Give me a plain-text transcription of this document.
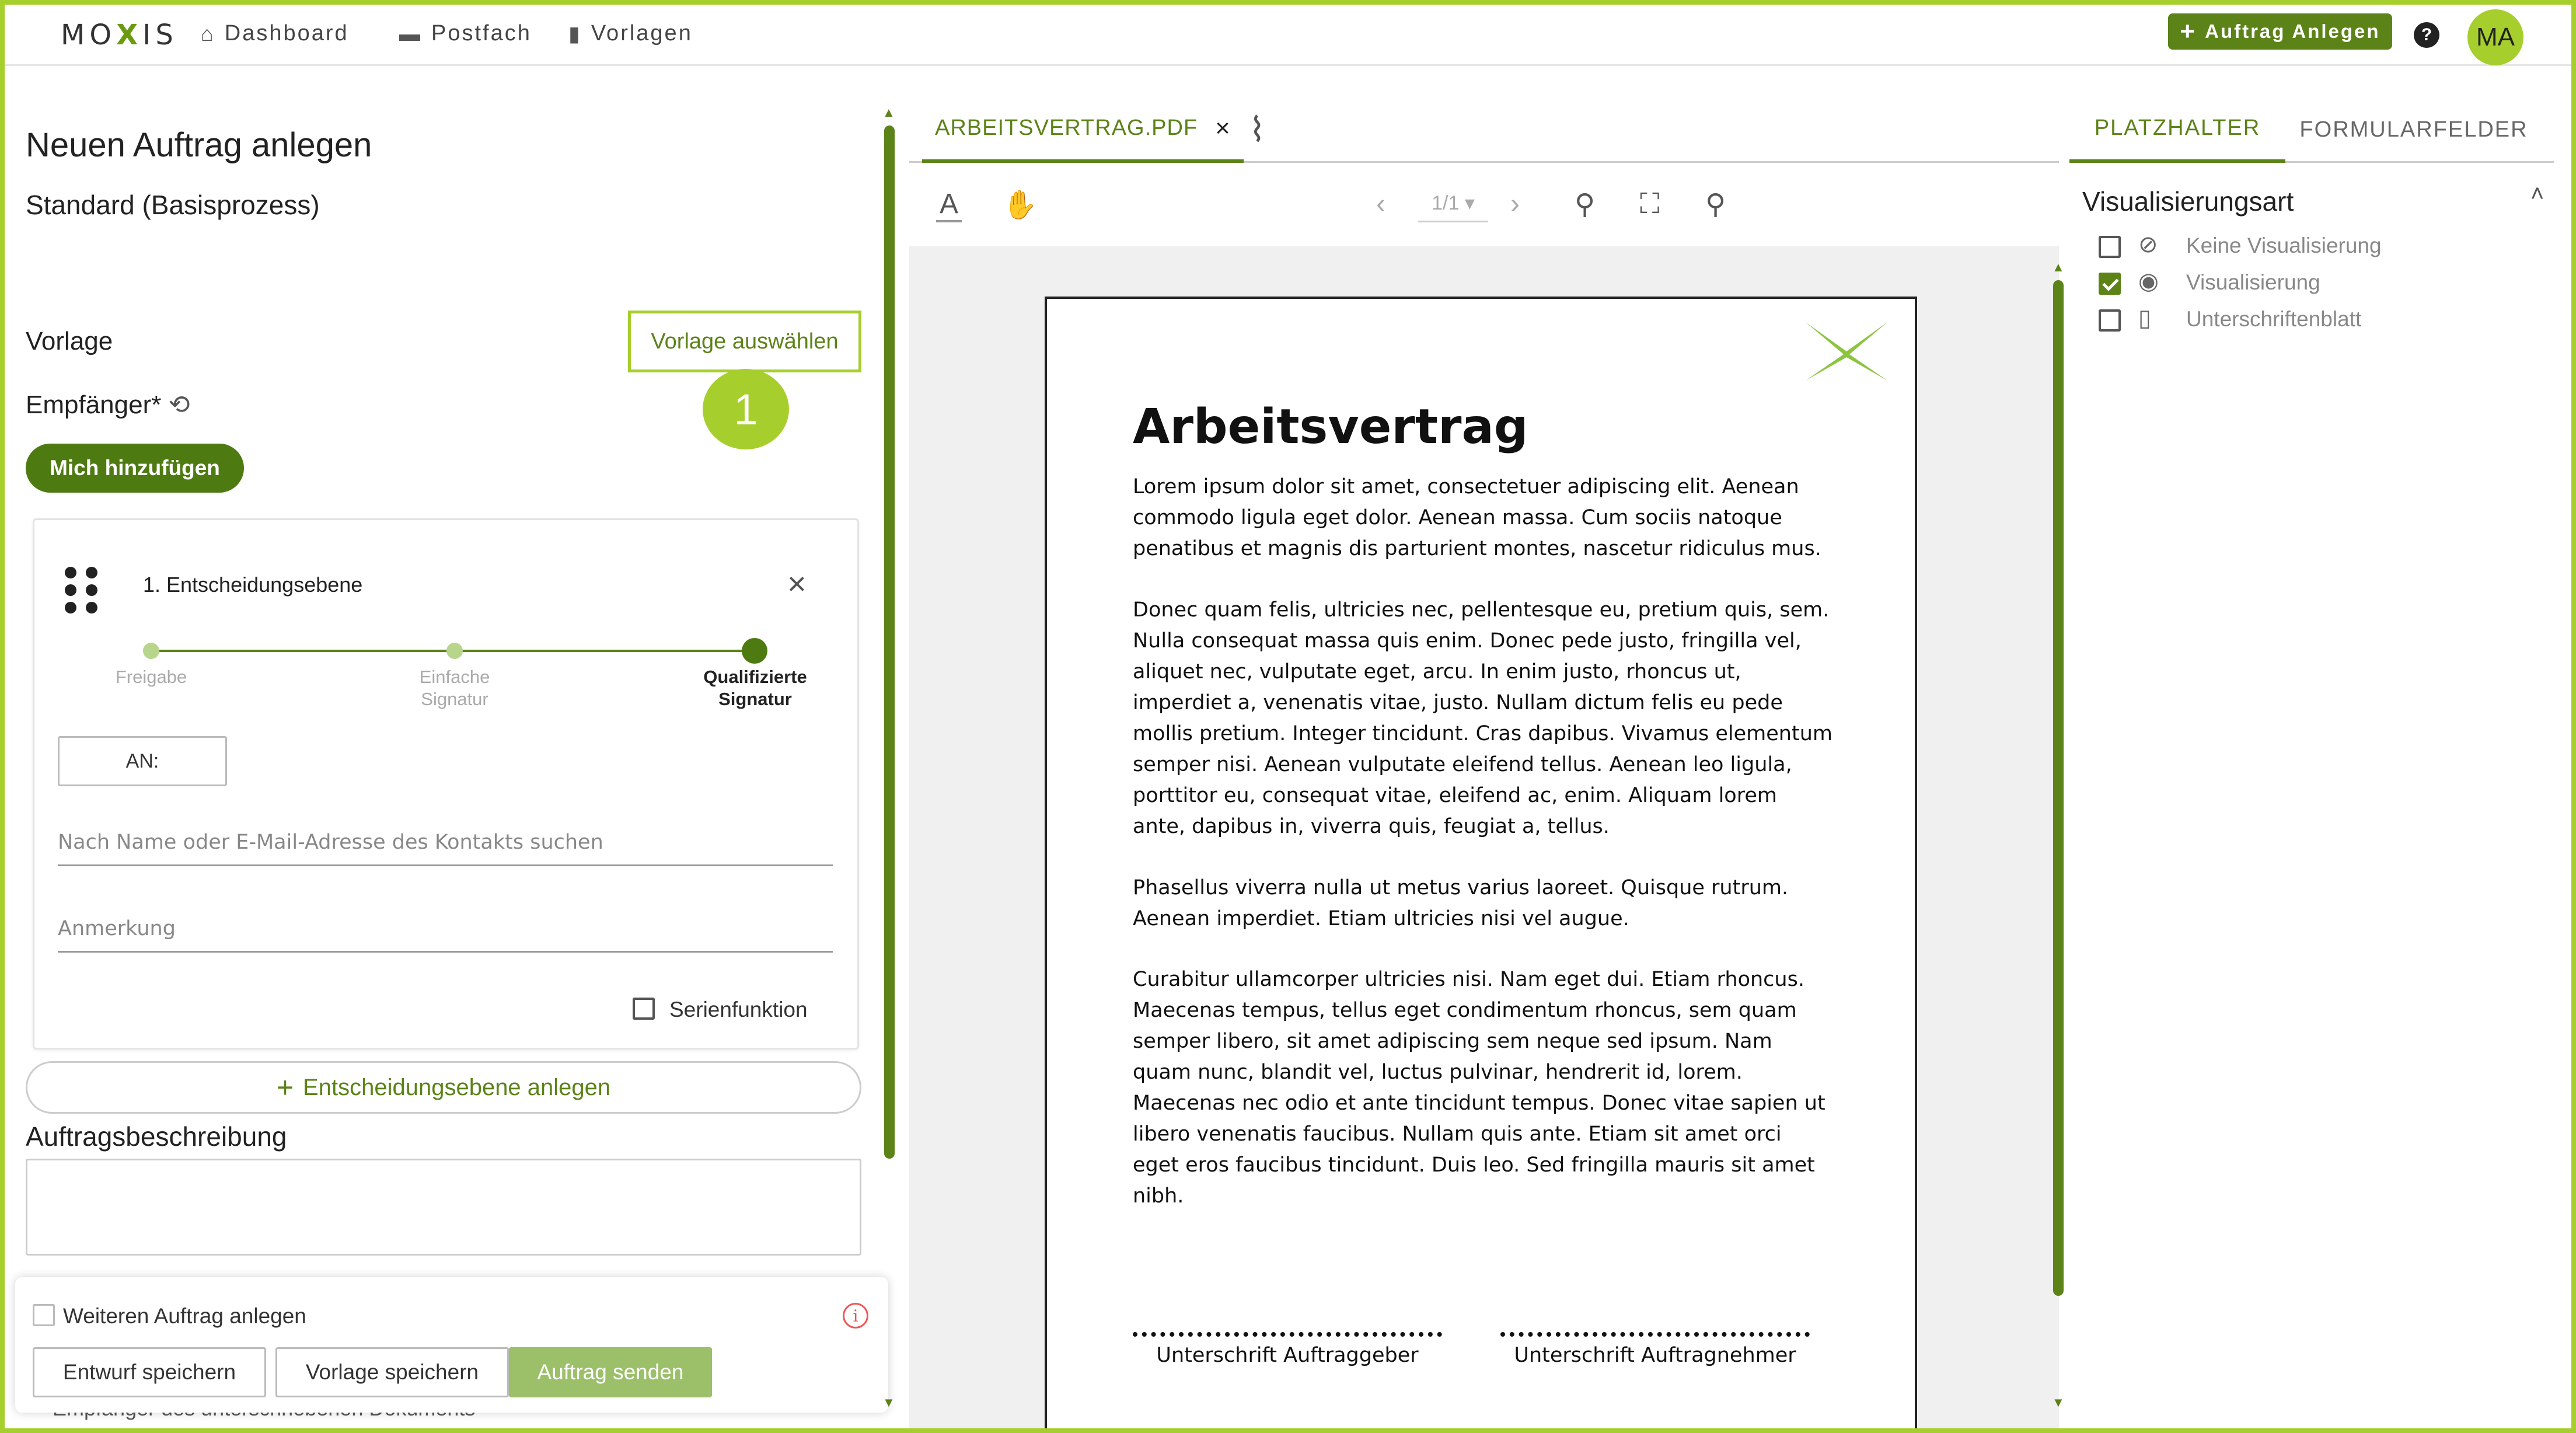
MOXIS ⌂ Dashboard ▬ Postfach ▮ Vorlagen	+ Auftrag Anlegen	?	MA
Neuen Auftrag anlegen
Standard (Basisprozess)
Vorlage	Vorlage auswählen
1
Empfänger* ⟲
Mich hinzufügen
1. Entscheidungsebene	×
Freigabe	Einfache
Signatur
Qualifizierte
Signatur
AN:
Nach Name oder E-Mail-Adresse des Kontakts suchen
Anmerkung
Serienfunktion
+ Entscheidungsebene anlegen
Auftragsbeschreibung
Weiteren Auftrag anlegen	i
Entwurf speichern	Vorlage speichern	Auftrag senden
▲
▼
ARBEITSVERTRAG.PDF × ⌇
A ✋	‹	1/1 ▾	› ⚲ ⛶ ⚲
Arbeitsvertrag
Lorem ipsum dolor sit amet, consectetuer adipiscing elit. Aenean commodo ligula eget dolor. Aenean massa. Cum sociis natoque penatibus et magnis dis parturient montes, nascetur ridiculus mus.
Donec quam felis, ultricies nec, pellentesque eu, pretium quis, sem. Nulla consequat massa quis enim. Donec pede justo, fringilla vel, aliquet nec, vulputate eget, arcu. In enim justo, rhoncus ut, imperdiet a, venenatis vitae, justo. Nullam dictum felis eu pede mollis pretium. Integer tincidunt. Cras dapibus. Vivamus elementum semper nisi. Aenean vulputate eleifend tellus. Aenean leo ligula, porttitor eu, consequat vitae, eleifend ac, enim. Aliquam lorem ante, dapibus in, viverra quis, feugiat a, tellus.
Phasellus viverra nulla ut metus varius laoreet. Quisque rutrum. Aenean imperdiet. Etiam ultricies nisi vel augue.
Curabitur ullamcorper ultricies nisi. Nam eget dui. Etiam rhoncus. Maecenas tempus, tellus eget condimentum rhoncus, sem quam semper libero, sit amet adipiscing sem neque sed ipsum. Nam quam nunc, blandit vel, luctus pulvinar, hendrerit id, lorem. Maecenas nec odio et ante tincidunt tempus. Donec vitae sapien ut libero venenatis faucibus. Nullam quis ante. Etiam sit amet orci eget eros faucibus tincidunt. Duis leo. Sed fringilla mauris sit amet nibh.
Unterschrift Auftraggeber	Unterschrift Auftragnehmer
▲
▼
PLATZHALTER	FORMULARFELDER
Visualisierungsart	˄
⊘ Keine Visualisierung
◉ Visualisierung
▯ Unterschriftenblatt
